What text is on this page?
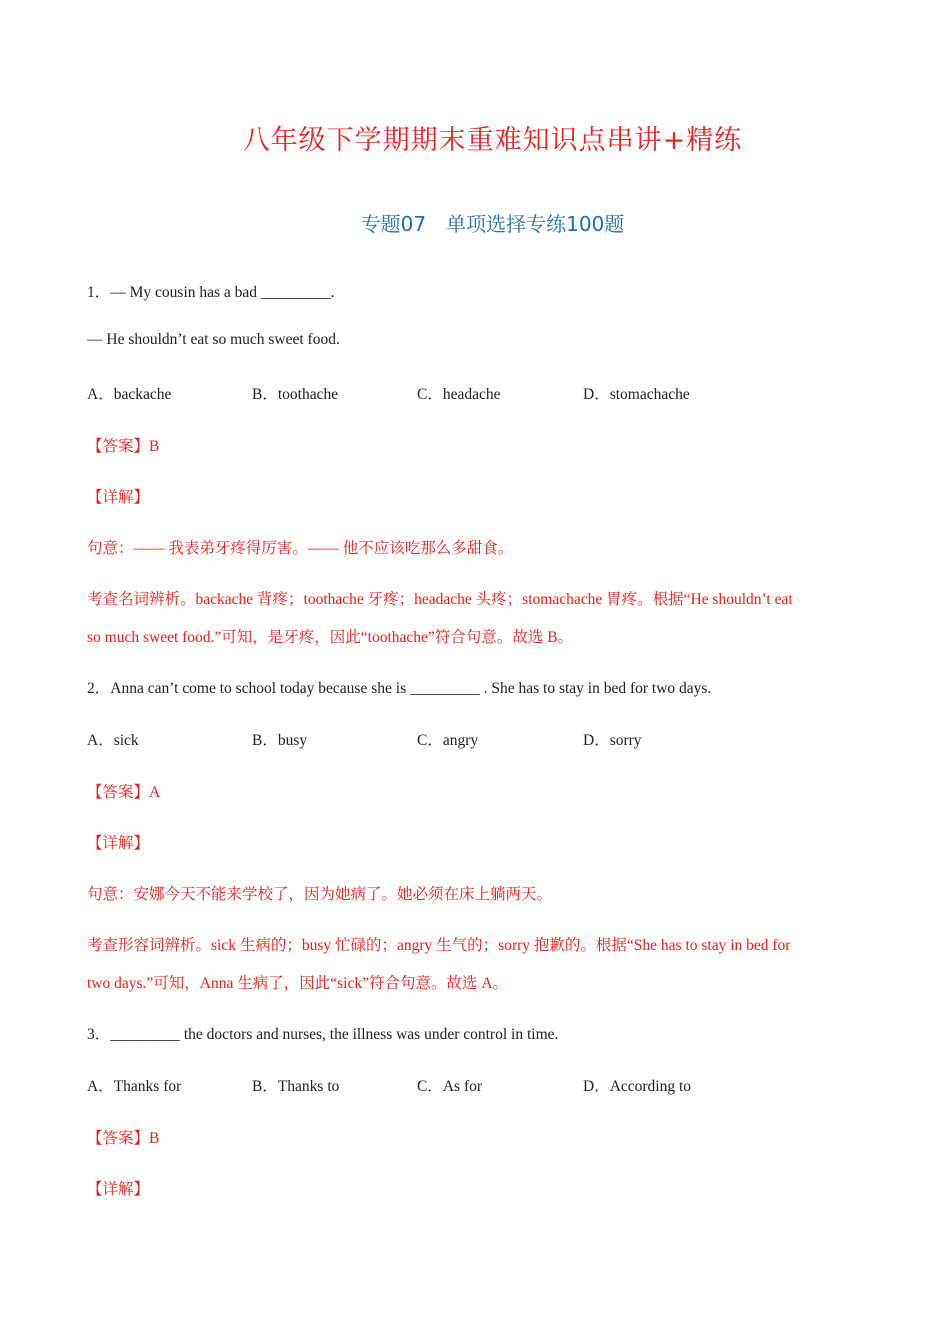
八年级下学期期末重难知识点串讲+精练
专题07　单项选择专练100题
1．— My cousin has a bad _________.
— He shouldn’t eat so much sweet food.
A．backache	B．toothache	C．headache	D．stomachache
【答案】B
【详解】
句意：—— 我表弟牙疼得厉害。—— 他不应该吃那么多甜食。
考查名词辨析。backache 背疼；toothache 牙疼；headache 头疼；stomachache 胃疼。根据“He shouldn’t eat
so much sweet food.”可知，是牙疼，因此“toothache”符合句意。故选 B。
2．Anna can’t come to school today because she is _________ . She has to stay in bed for two days.
A．sick	B．busy	C．angry	D．sorry
【答案】A
【详解】
句意：安娜今天不能来学校了，因为她病了。她必须在床上躺两天。
考查形容词辨析。sick 生病的；busy 忙碌的；angry 生气的；sorry 抱歉的。根据“She has to stay in bed for
two days.”可知，Anna 生病了，因此“sick”符合句意。故选 A。
3．_________ the doctors and nurses, the illness was under control in time.
A．Thanks for	B．Thanks to	C．As for	D．According to
【答案】B
【详解】
